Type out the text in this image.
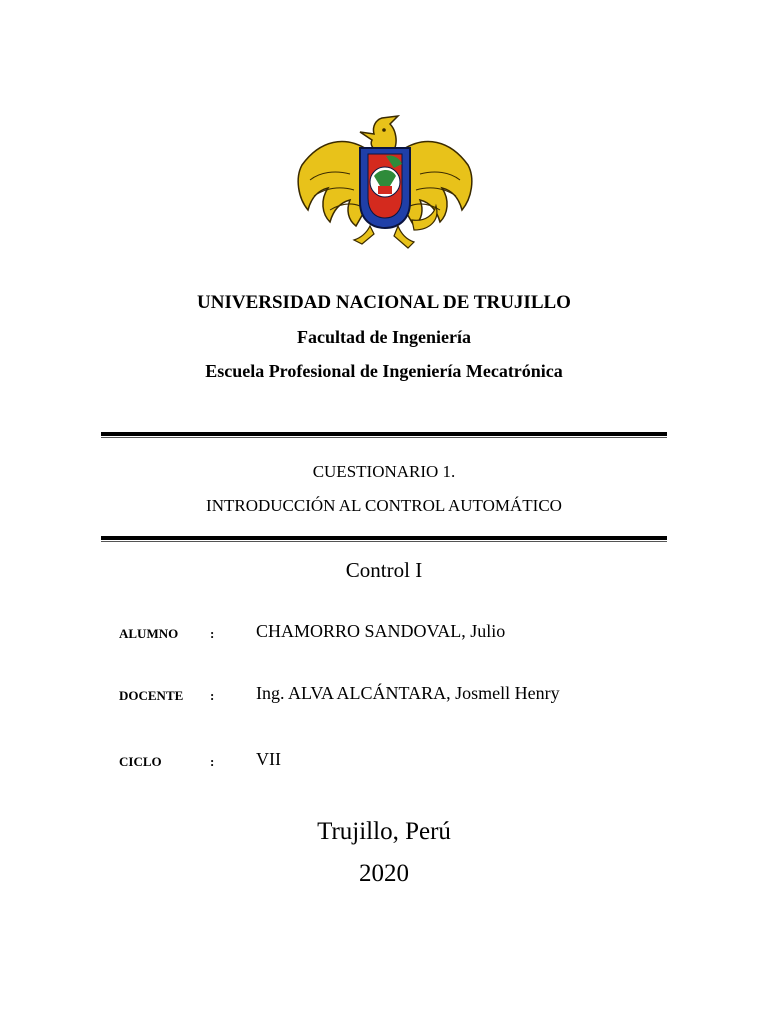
UNIVERSIDAD NACIONAL DE TRUJILLO
Facultad de Ingeniería
Escuela Profesional de Ingeniería Mecatrónica
CUESTIONARIO 1.
INTRODUCCIÓN AL CONTROL AUTOMÁTICO
Control I
ALUMNO : CHAMORRO SANDOVAL, Julio
DOCENTE : Ing. ALVA ALCÁNTARA, Josmell Henry
CICLO	: VII
Trujillo, Perú
2020
